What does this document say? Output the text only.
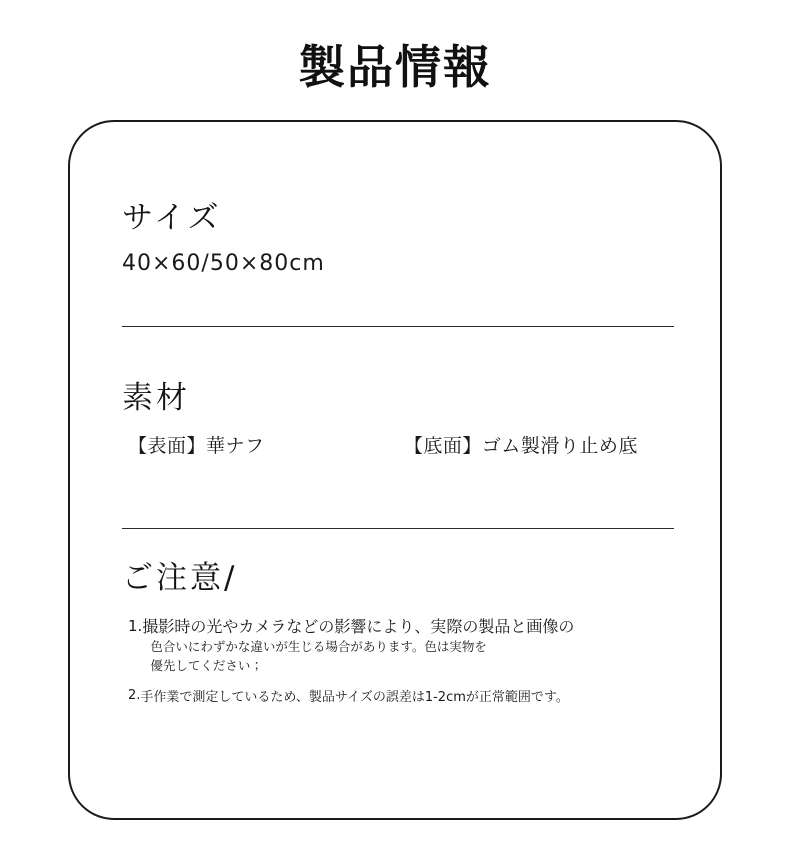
製品情報
サイズ
40×60/50×80cm
素材
【表面】華ナフ	【底面】ゴム製滑り止め底
ご注意/
1. 撮影時の光やカメラなどの影響により、実際の製品と画像の
色合いにわずかな違いが生じる場合があります。色は実物を
優先してください；
2. 手作業で測定しているため、製品サイズの誤差は1-2cmが正常範囲です。
